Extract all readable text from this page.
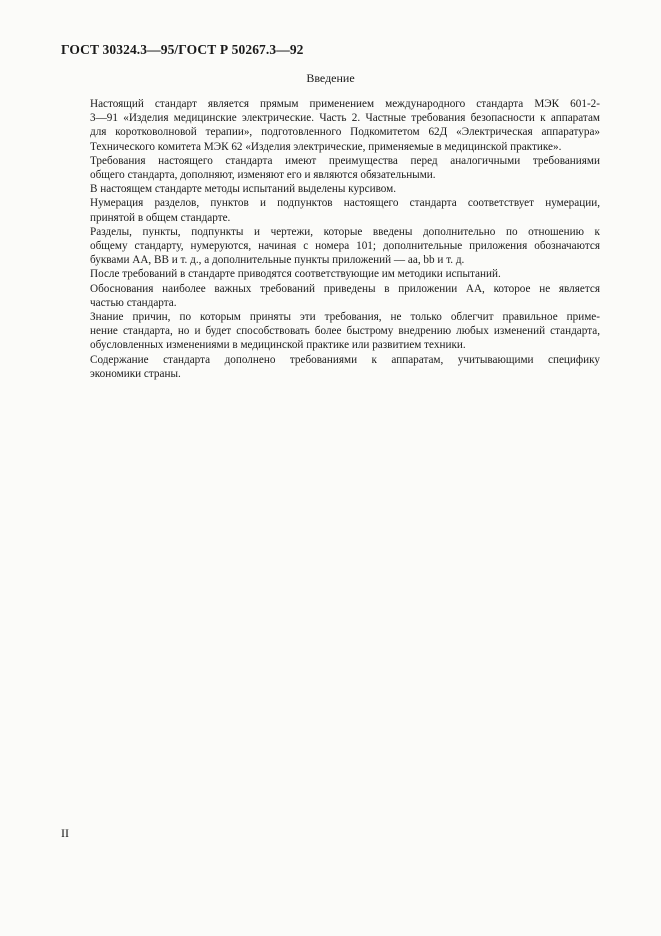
ГОСТ 30324.3—95/ГОСТ Р 50267.3—92
Введение

Настоящий стандарт является прямым применением международного стандарта МЭК 601-2-
3—91 «Изделия медицинские электрические. Часть 2. Частные требования безопасности к аппаратам
для коротковолновой терапии», подготовленного Подкомитетом 62Д «Электрическая аппаратура»
Технического комитета МЭК 62 «Изделия электрические, применяемые в медицинской практике».

Требования настоящего стандарта имеют преимущества перед аналогичными требованиями
общего стандарта, дополняют, изменяют его и являются обязательными.

В настоящем стандарте методы испытаний выделены курсивом.

Нумерация разделов, пунктов и подпунктов настоящего стандарта соответствует нумерации,
принятой в общем стандарте.

Разделы, пункты, подпункты и чертежи, которые введены дополнительно по отношению к
общему стандарту, нумеруются, начиная с номера 101; дополнительные приложения обозначаются
буквами АА, ВВ и т. д., а дополнительные пункты приложений — аа, bb и т. д.

После требований в стандарте приводятся соответствующие им методики испытаний.

Обоснования наиболее важных требований приведены в приложении АА, которое не является
частью стандарта.

Знание причин, по которым приняты эти требования, не только облегчит правильное приме-
нение стандарта, но и будет способствовать более быстрому внедрению любых изменений стандарта,
обусловленных изменениями в медицинской практике или развитием техники.

Содержание стандарта дополнено требованиями к аппаратам, учитывающими специфику
экономики страны.

II
